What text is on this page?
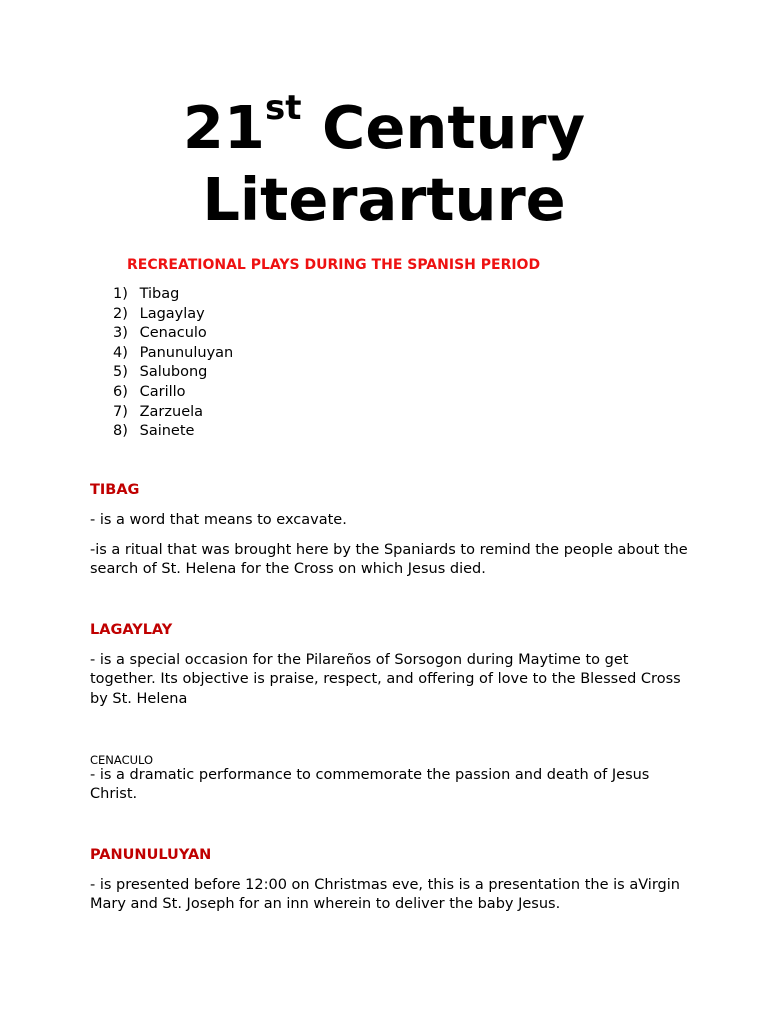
21st Century
Literarture
RECREATIONAL PLAYS DURING THE SPANISH PERIOD
1) Tibag
2) Lagaylay
3) Cenaculo
4) Panunuluyan
5) Salubong
6) Carillo
7) Zarzuela
8) Sainete
TIBAG

- is a word that means to excavate.

-is a ritual that was brought here by the Spaniards to remind the people about the search of St. Helena for the Cross on which Jesus died.

LAGAYLAY

- is a special occasion for the Pilareños of Sorsogon during Maytime to get together. Its objective is praise, respect, and offering of love to the Blessed Cross by St. Helena

CENACULO

- is a dramatic performance to commemorate the passion and death of Jesus Christ.

PANUNULUYAN

- is presented before 12:00 on Christmas eve, this is a presentation the is aVirgin Mary and St. Joseph for an inn wherein to deliver the baby Jesus.
